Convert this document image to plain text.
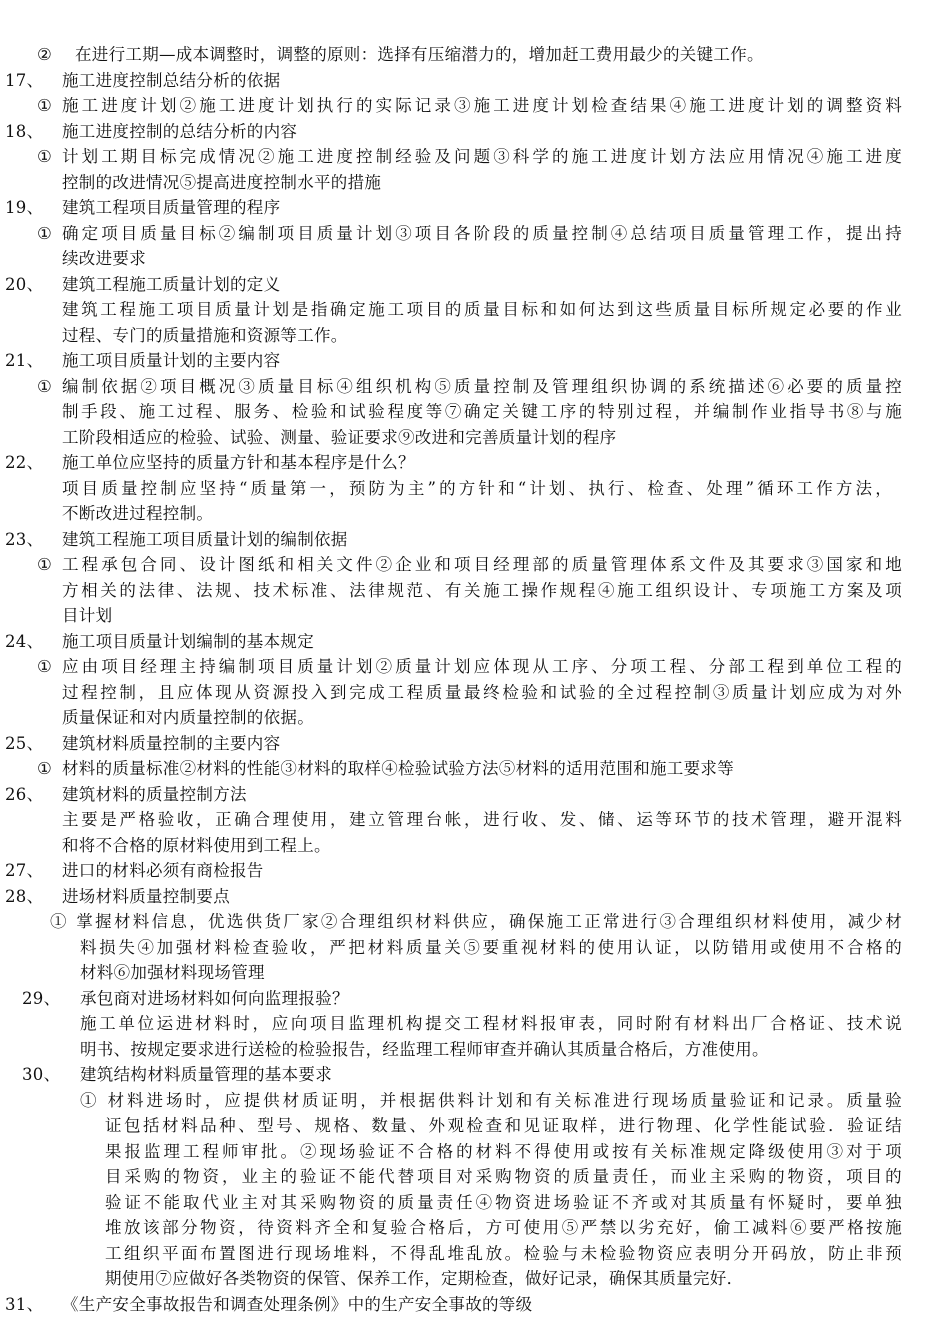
② 在进行工期—成本调整时，调整的原则：选择有压缩潜力的，增加赶工费用最少的关键工作。
17、 施工进度控制总结分析的依据
① 施工进度计划②施工进度计划执行的实际记录③施工进度计划检查结果④施工进度计划的调整资料
18、 施工进度控制的总结分析的内容
① 计划工期目标完成情况②施工进度控制经验及问题③科学的施工进度计划方法应用情况④施工进度
控制的改进情况⑤提高进度控制水平的措施
19、 建筑工程项目质量管理的程序
① 确定项目质量目标②编制项目质量计划③项目各阶段的质量控制④总结项目质量管理工作，提出持
续改进要求
20、 建筑工程施工质量计划的定义
建筑工程施工项目质量计划是指确定施工项目的质量目标和如何达到这些质量目标所规定必要的作业
过程、专门的质量措施和资源等工作。
21、 施工项目质量计划的主要内容
① 编制依据②项目概况③质量目标④组织机构⑤质量控制及管理组织协调的系统描述⑥必要的质量控
制手段、施工过程、服务、检验和试验程度等⑦确定关键工序的特别过程，并编制作业指导书⑧与施
工阶段相适应的检验、试验、测量、验证要求⑨改进和完善质量计划的程序
22、 施工单位应坚持的质量方针和基本程序是什么？
项目质量控制应坚持“质量第一，预防为主”的方针和“计划、执行、检查、处理”循环工作方法，
不断改进过程控制。
23、 建筑工程施工项目质量计划的编制依据
① 工程承包合同、设计图纸和相关文件②企业和项目经理部的质量管理体系文件及其要求③国家和地
方相关的法律、法规、技术标准、法律规范、有关施工操作规程④施工组织设计、专项施工方案及项
目计划
24、 施工项目质量计划编制的基本规定
① 应由项目经理主持编制项目质量计划②质量计划应体现从工序、分项工程、分部工程到单位工程的
过程控制，且应体现从资源投入到完成工程质量最终检验和试验的全过程控制③质量计划应成为对外
质量保证和对内质量控制的依据。
25、 建筑材料质量控制的主要内容
① 材料的质量标准②材料的性能③材料的取样④检验试验方法⑤材料的适用范围和施工要求等
26、 建筑材料的质量控制方法
主要是严格验收，正确合理使用，建立管理台帐，进行收、发、储、运等环节的技术管理，避开混料
和将不合格的原材料使用到工程上。
27、 进口的材料必须有商检报告
28、 进场材料质量控制要点
① 掌握材料信息，优选供货厂家②合理组织材料供应，确保施工正常进行③合理组织材料使用，减少材
料损失④加强材料检查验收，严把材料质量关⑤要重视材料的使用认证，以防错用或使用不合格的
材料⑥加强材料现场管理
29、 承包商对进场材料如何向监理报验？
施工单位运进材料时，应向项目监理机构提交工程材料报审表，同时附有材料出厂合格证、技术说
明书、按规定要求进行送检的检验报告，经监理工程师审查并确认其质量合格后，方准使用。
30、 建筑结构材料质量管理的基本要求
① 材料进场时，应提供材质证明，并根据供料计划和有关标准进行现场质量验证和记录。质量验
证包括材料品种、型号、规格、数量、外观检查和见证取样，进行物理、化学性能试验．验证结
果报监理工程师审批。②现场验证不合格的材料不得使用或按有关标准规定降级使用③对于项
目采购的物资，业主的验证不能代替项目对采购物资的质量责任，而业主采购的物资，项目的
验证不能取代业主对其采购物资的质量责任④物资进场验证不齐或对其质量有怀疑时，要单独
堆放该部分物资，待资料齐全和复验合格后，方可使用⑤严禁以劣充好，偷工减料⑥要严格按施
工组织平面布置图进行现场堆料，不得乱堆乱放。检验与未检验物资应表明分开码放，防止非预
期使用⑦应做好各类物资的保管、保养工作，定期检查，做好记录，确保其质量完好．
31、 《生产安全事故报告和调查处理条例》中的生产安全事故的等级
